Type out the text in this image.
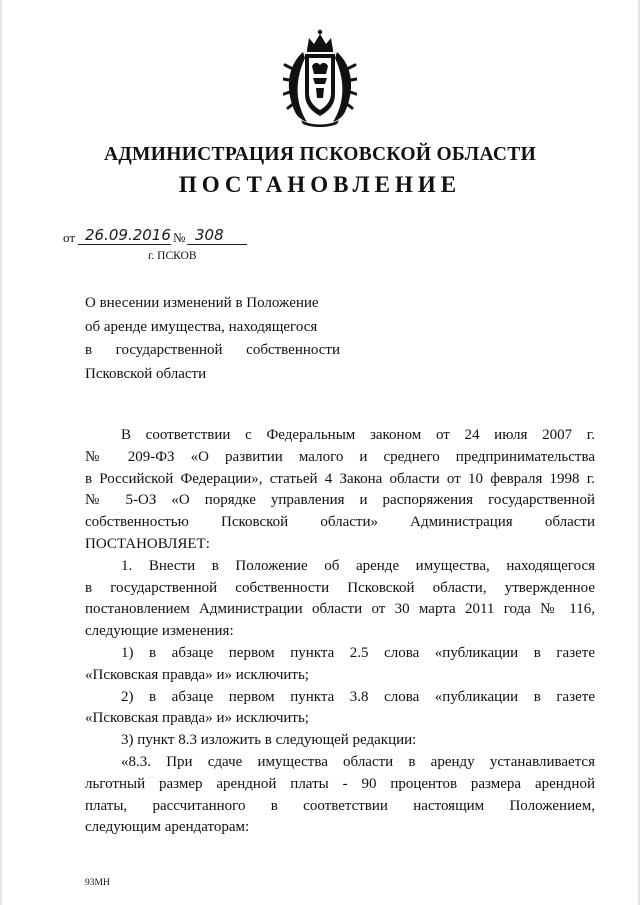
АДМИНИСТРАЦИЯ ПСКОВСКОЙ ОБЛАСТИ
ПОСТАНОВЛЕНИЕ
от 26.09.2016 № 308
г. ПСКОВ
О внесении изменений в Положение
об аренде имущества, находящегося
в государственной собственности
Псковской области
В соответствии с Федеральным законом от 24 июля 2007 г.
№ 209-ФЗ «О развитии малого и среднего предпринимательства
в Российской Федерации», статьей 4 Закона области от 10 февраля 1998 г.
№ 5-ОЗ «О порядке управления и распоряжения государственной
собственностью Псковской области» Администрация области
ПОСТАНОВЛЯЕТ:
1. Внести в Положение об аренде имущества, находящегося
в государственной собственности Псковской области, утвержденное
постановлением Администрации области от 30 марта 2011 года № 116,
следующие изменения:
1) в абзаце первом пункта 2.5 слова «публикации в газете
«Псковская правда» и» исключить;
2) в абзаце первом пункта 3.8 слова «публикации в газете
«Псковская правда» и» исключить;
3) пункт 8.3 изложить в следующей редакции:
«8.3. При сдаче имущества области в аренду устанавливается
льготный размер арендной платы - 90 процентов размера арендной
платы, рассчитанного в соответствии настоящим Положением,
следующим арендаторам:
93МН
